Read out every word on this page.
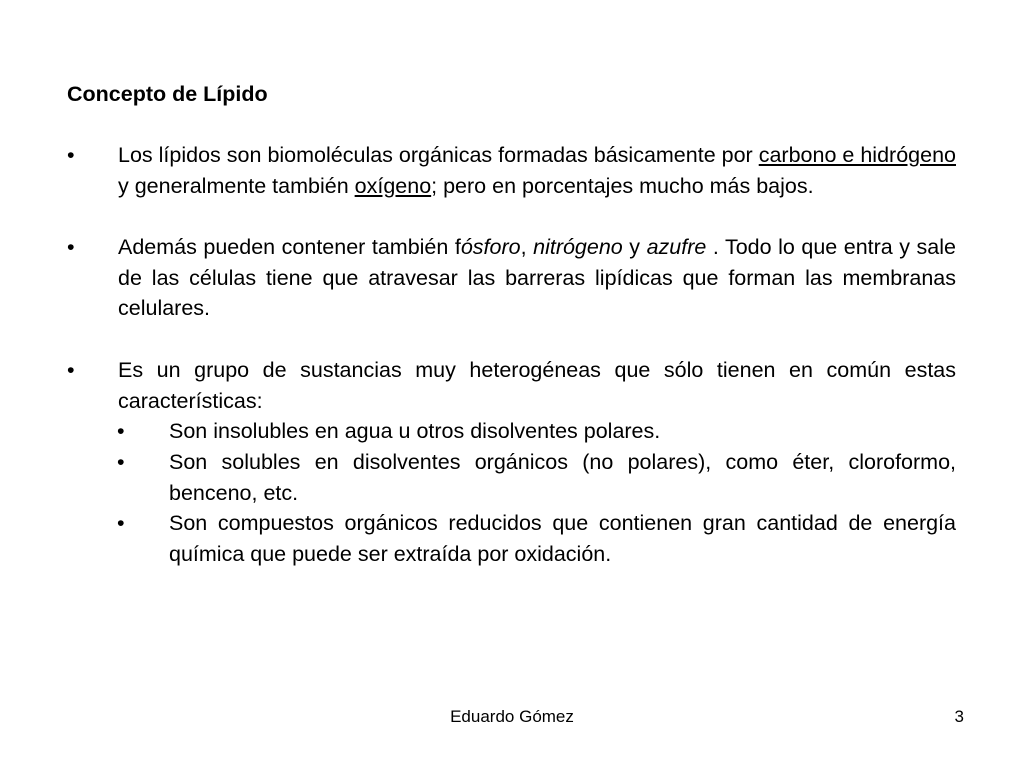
Concepto de Lípido
•	Los lípidos son biomoléculas orgánicas formadas básicamente por carbono e hidrógeno y generalmente también oxígeno; pero en porcentajes mucho más bajos.
•	Además pueden contener también fósforo, nitrógeno y azufre . Todo lo que entra y sale de las células tiene que atravesar las barreras lipídicas que forman las membranas celulares.
•	Es un grupo de sustancias muy heterogéneas que sólo tienen en común estas características:
•	Son insolubles en agua u otros disolventes polares.
•	Son solubles en disolventes orgánicos (no polares), como éter, cloroformo, benceno, etc.
•	Son compuestos orgánicos reducidos que contienen gran cantidad de energía química que puede ser extraída por oxidación.
Eduardo Gómez	3
